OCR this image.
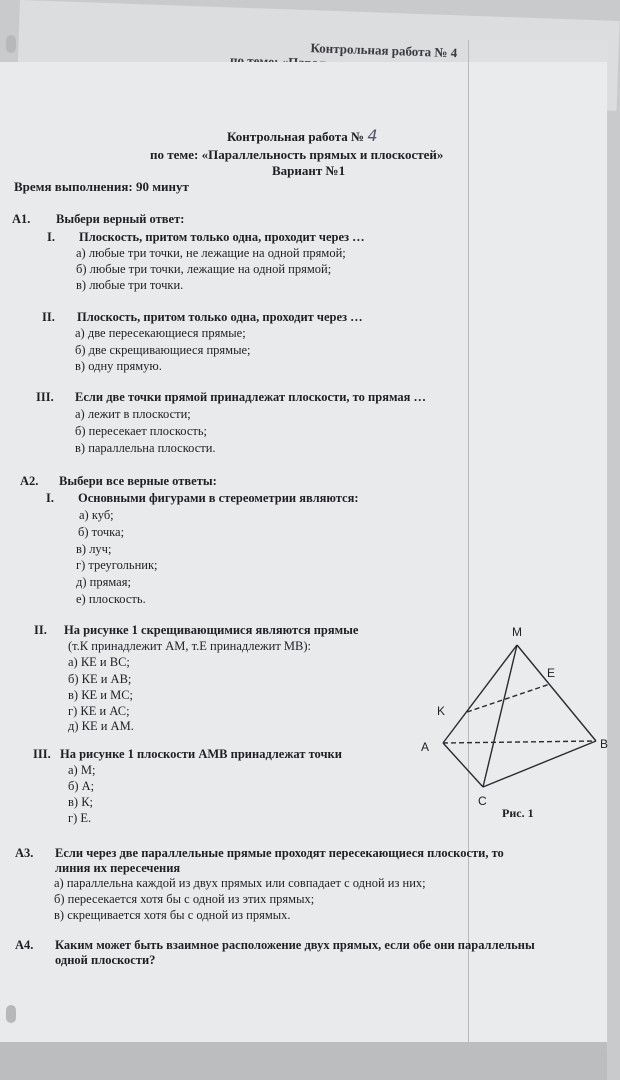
Контрольная работа № 4
Контрольная работа № 4
по теме: «Параллельность прямых и плоскостей»
Вариант №1
Время выполнения: 90 минут
А1. Выбери верный ответ:
I. Плоскость, притом только одна, проходит через …
а) любые три точки, не лежащие на одной прямой;
б) любые три точки, лежащие на одной прямой;
в) любые три точки.
II. Плоскость, притом только одна, проходит через …
а) две пересекающиеся прямые;
б) две скрещивающиеся прямые;
в) одну прямую.
III. Если две точки прямой принадлежат плоскости, то прямая …
а) лежит в плоскости;
б) пересекает плоскость;
в) параллельна плоскости.
А2. Выбери все верные ответы:
I. Основными фигурами в стереометрии являются:
а) куб;
б) точка;
в) луч;
г) треугольник;
д) прямая;
е) плоскость.
II. На рисунке 1 скрещивающимися являются прямые
(т.К принадлежит АМ, т.Е принадлежит МВ):
а) КЕ и ВС;
б) КЕ и АВ;
в) КЕ и МС;
г) КЕ и АС;
д) КЕ и АМ.
III. На рисунке 1 плоскости АМВ принадлежат точки
а) М;
б) А;
в) К;
г) Е.
M
E
K
A	B
C
Рис. 1
А3. Если через две параллельные прямые проходят пересекающиеся плоскости, то
линия их пересечения
а) параллельна каждой из двух прямых или совпадает с одной из них;
б) пересекается хотя бы с одной из этих прямых;
в) скрещивается хотя бы с одной из прямых.
А4. Каким может быть взаимное расположение двух прямых, если обе они параллельны
одной плоскости?
